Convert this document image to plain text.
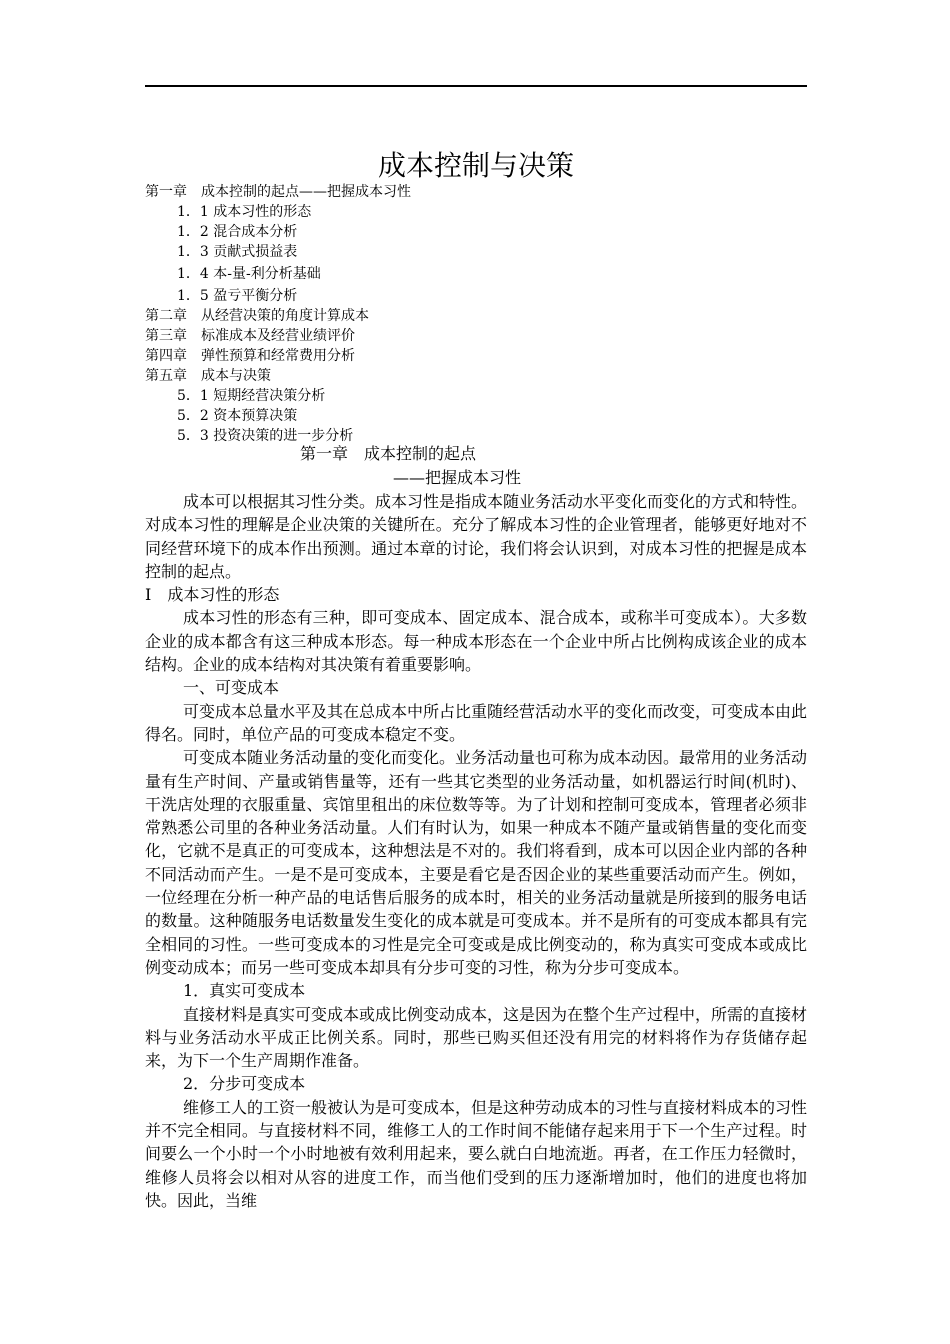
成本控制与决策
第一章　成本控制的起点——把握成本习性
1．1 成本习性的形态
1．2 混合成本分析
1．3 贡献式损益表
1．4 本-量-利分析基础
1．5 盈亏平衡分析
第二章　从经营决策的角度计算成本
第三章　标准成本及经营业绩评价
第四章　弹性预算和经常费用分析
第五章　成本与决策
5．1 短期经营决策分析
5．2 资本预算决策
5．3 投资决策的进一步分析
第一章　成本控制的起点
——把握成本习性

成本可以根据其习性分类。成本习性是指成本随业务活动水平变化而变化的方式和特性。对成本习性的理解是企业决策的关键所在。充分了解成本习性的企业管理者，能够更好地对不同经营环境下的成本作出预测。通过本章的讨论，我们将会认识到，对成本习性的把握是成本控制的起点。

I　成本习性的形态

成本习性的形态有三种，即可变成本、固定成本、混合成本，或称半可变成本）。大多数企业的成本都含有这三种成本形态。每一种成本形态在一个企业中所占比例构成该企业的成本结构。企业的成本结构对其决策有着重要影响。

一、可变成本

可变成本总量水平及其在总成本中所占比重随经营活动水平的变化而改变，可变成本由此得名。同时，单位产品的可变成本稳定不变。

可变成本随业务活动量的变化而变化。业务活动量也可称为成本动因。最常用的业务活动量有生产时间、产量或销售量等，还有一些其它类型的业务活动量，如机器运行时间(机时)、干洗店处理的衣服重量、宾馆里租出的床位数等等。为了计划和控制可变成本，管理者必须非常熟悉公司里的各种业务活动量。人们有时认为，如果一种成本不随产量或销售量的变化而变化，它就不是真正的可变成本，这种想法是不对的。我们将看到，成本可以因企业内部的各种不同活动而产生。一是不是可变成本，主要是看它是否因企业的某些重要活动而产生。例如，一位经理在分析一种产品的电话售后服务的成本时，相关的业务活动量就是所接到的服务电话的数量。这种随服务电话数量发生变化的成本就是可变成本。并不是所有的可变成本都具有完全相同的习性。一些可变成本的习性是完全可变或是成比例变动的，称为真实可变成本或成比例变动成本；而另一些可变成本却具有分步可变的习性，称为分步可变成本。

1．真实可变成本

直接材料是真实可变成本或成比例变动成本，这是因为在整个生产过程中，所需的直接材料与业务活动水平成正比例关系。同时，那些已购买但还没有用完的材料将作为存货储存起来，为下一个生产周期作准备。

2．分步可变成本

维修工人的工资一般被认为是可变成本，但是这种劳动成本的习性与直接材料成本的习性并不完全相同。与直接材料不同，维修工人的工作时间不能储存起来用于下一个生产过程。时间要么一个小时一个小时地被有效利用起来，要么就白白地流逝。再者，在工作压力轻微时，维修人员将会以相对从容的进度工作，而当他们受到的压力逐渐增加时，他们的进度也将加快。因此，当维
